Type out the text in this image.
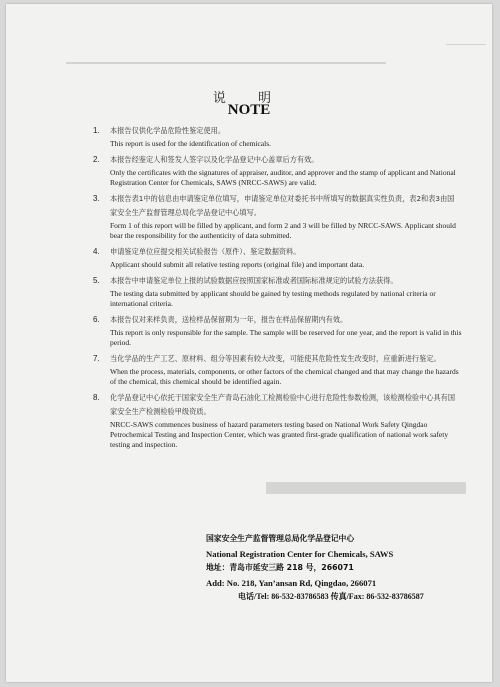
说 明
NOTE
1.	本报告仅供化学品危险性鉴定使用。
This report is used for the identification of chemicals.
2.	本报告经鉴定人和签发人签字以及化学品登记中心盖章后方有效。
Only the certificates with the signatures of appraiser, auditor, and approver and the stamp of applicant and National Registration Center for Chemicals, SAWS (NRCC-SAWS) are valid.
3.	本报告表1中的信息由申请鉴定单位填写，申请鉴定单位对委托书中所填写的数据真实性负责，表2和表3由国家安全生产监督管理总局化学品登记中心填写。
Form 1 of this report will be filled by applicant, and form 2 and 3 will be filled by NRCC-SAWS. Applicant should bear the responsibility for the authenticity of data submitted.
4.	申请鉴定单位应提交相关试验报告（原件）、鉴定数据资料。
Applicant should submit all relative testing reports (original file) and important data.
5.	本报告中申请鉴定单位上报的试验数据应按照国家标准或者国际标准规定的试验方法获得。
The testing data submitted by applicant should be gained by testing methods regulated by national criteria or international criteria.
6.	本报告仅对来样负责，送检样品保留期为一年，报告在样品保留期内有效。
This report is only responsible for the sample. The sample will be reserved for one year, and the report is valid in this period.
7.	当化学品的生产工艺、原材料、组分等因素有较大改变，可能使其危险性发生改变时，应重新进行鉴定。
When the process, materials, components, or other factors of the chemical changed and that may change the hazards of the chemical, this chemical should be identified again.
8.	化学品登记中心依托于国家安全生产青岛石油化工检测检验中心进行危险性参数检测，该检测检验中心具有国家安全生产检测检验甲级资质。
NRCC-SAWS commences business of hazard parameters testing based on National Work Safety Qingdao Petrochemical Testing and Inspection Center, which was granted first-grade qualification of national work safety testing and inspection.
国家安全生产监督管理总局化学品登记中心
National Registration Center for Chemicals, SAWS
地址：青岛市延安三路 218 号，266071
Add: No. 218, Yan’ansan Rd, Qingdao, 266071
电话/Tel: 86-532-83786583 传真/Fax: 86-532-83786587
